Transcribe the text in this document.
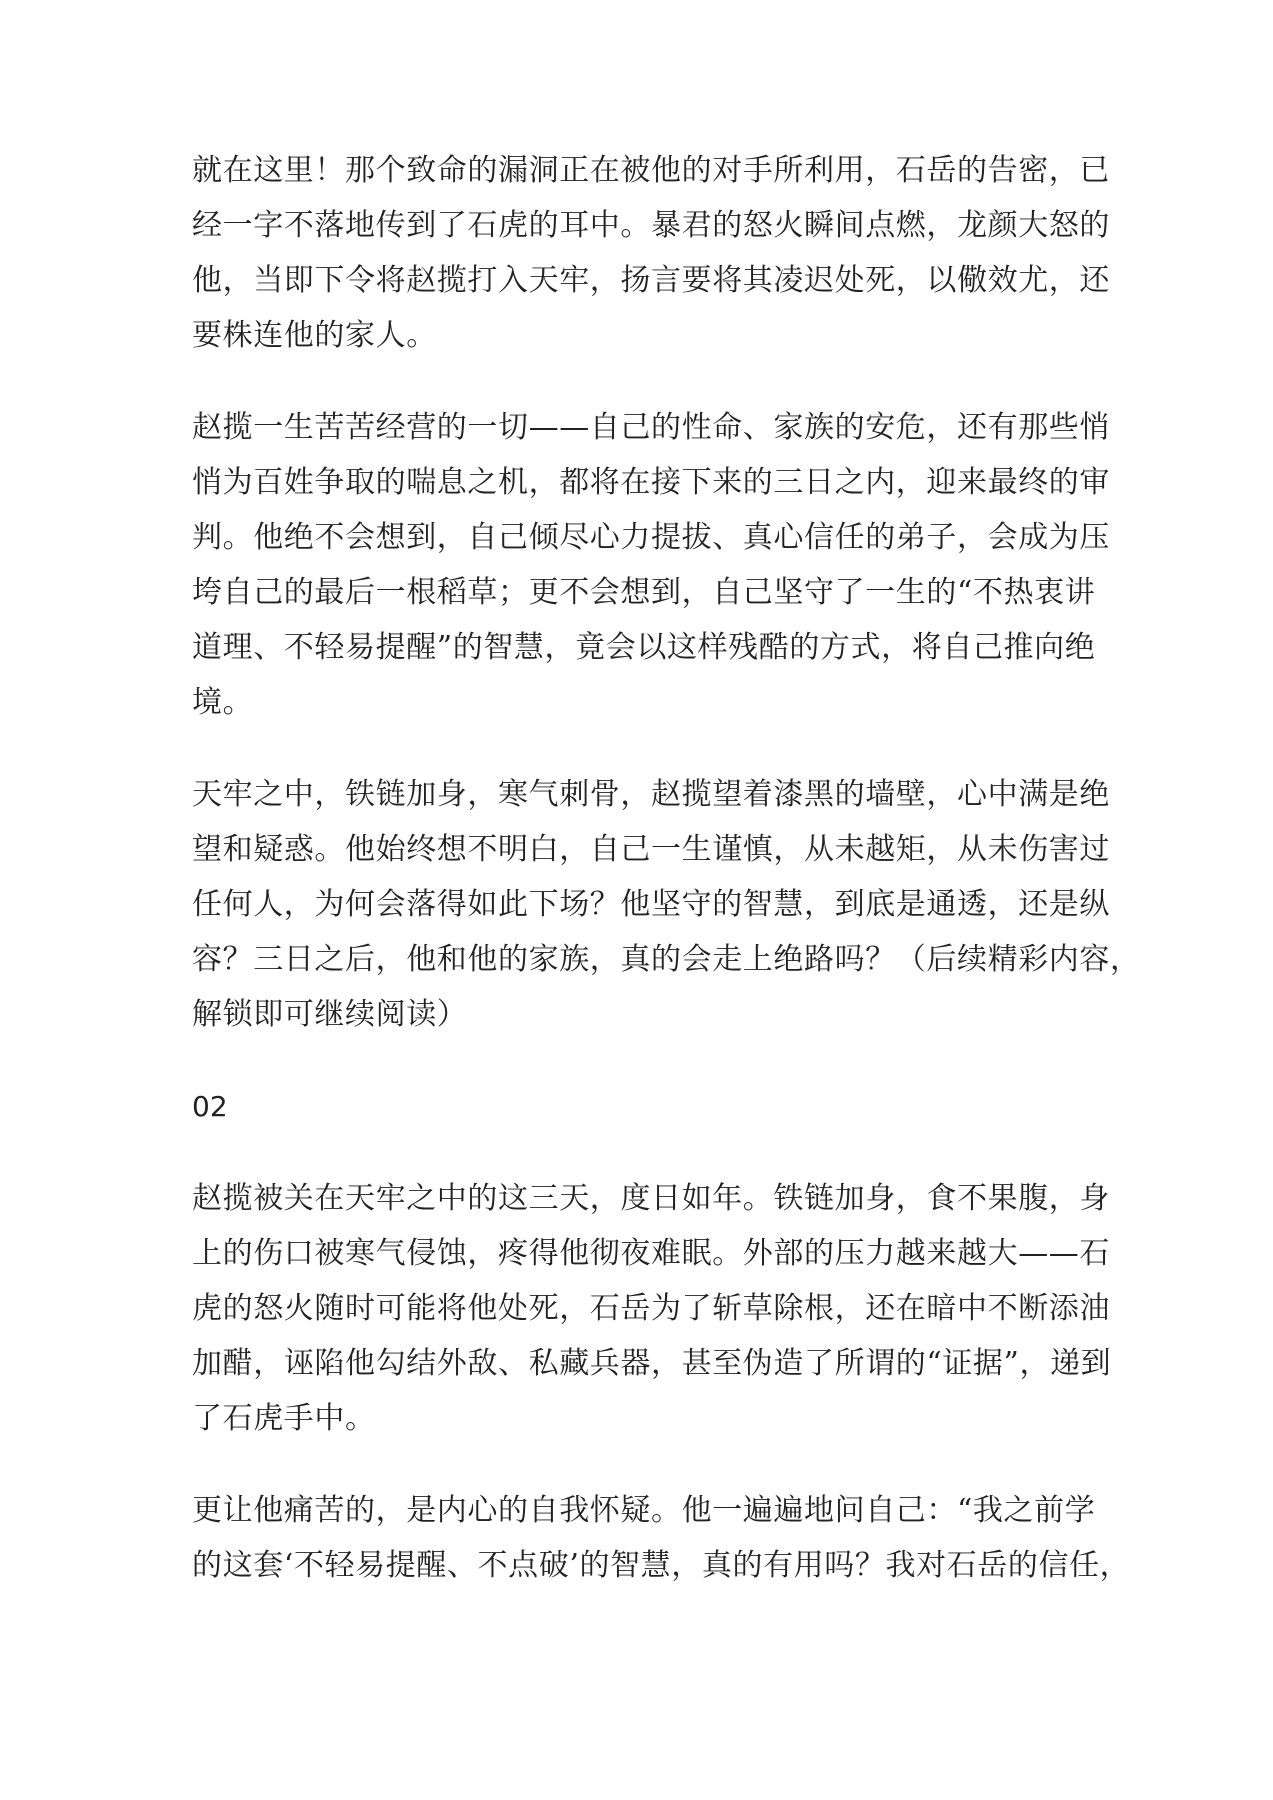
就在这里！那个致命的漏洞正在被他的对手所利用，石岳的告密，已
经一字不落地传到了石虎的耳中。暴君的怒火瞬间点燃，龙颜大怒的
他，当即下令将赵揽打入天牢，扬言要将其凌迟处死，以儆效尤，还
要株连他的家人。

赵揽一生苦苦经营的一切——自己的性命、家族的安危，还有那些悄
悄为百姓争取的喘息之机，都将在接下来的三日之内，迎来最终的审
判。他绝不会想到，自己倾尽心力提拔、真心信任的弟子，会成为压
垮自己的最后一根稻草；更不会想到，自己坚守了一生的“不热衷讲
道理、不轻易提醒”的智慧，竟会以这样残酷的方式，将自己推向绝
境。

天牢之中，铁链加身，寒气刺骨，赵揽望着漆黑的墙壁，心中满是绝
望和疑惑。他始终想不明白，自己一生谨慎，从未越矩，从未伤害过
任何人，为何会落得如此下场？他坚守的智慧，到底是通透，还是纵
容？三日之后，他和他的家族，真的会走上绝路吗？（后续精彩内容，
解锁即可继续阅读）

02

赵揽被关在天牢之中的这三天，度日如年。铁链加身，食不果腹，身
上的伤口被寒气侵蚀，疼得他彻夜难眠。外部的压力越来越大——石
虎的怒火随时可能将他处死，石岳为了斩草除根，还在暗中不断添油
加醋，诬陷他勾结外敌、私藏兵器，甚至伪造了所谓的“证据”，递到
了石虎手中。

更让他痛苦的，是内心的自我怀疑。他一遍遍地问自己：“我之前学
的这套‘不轻易提醒、不点破’的智慧，真的有用吗？我对石岳的信任，
